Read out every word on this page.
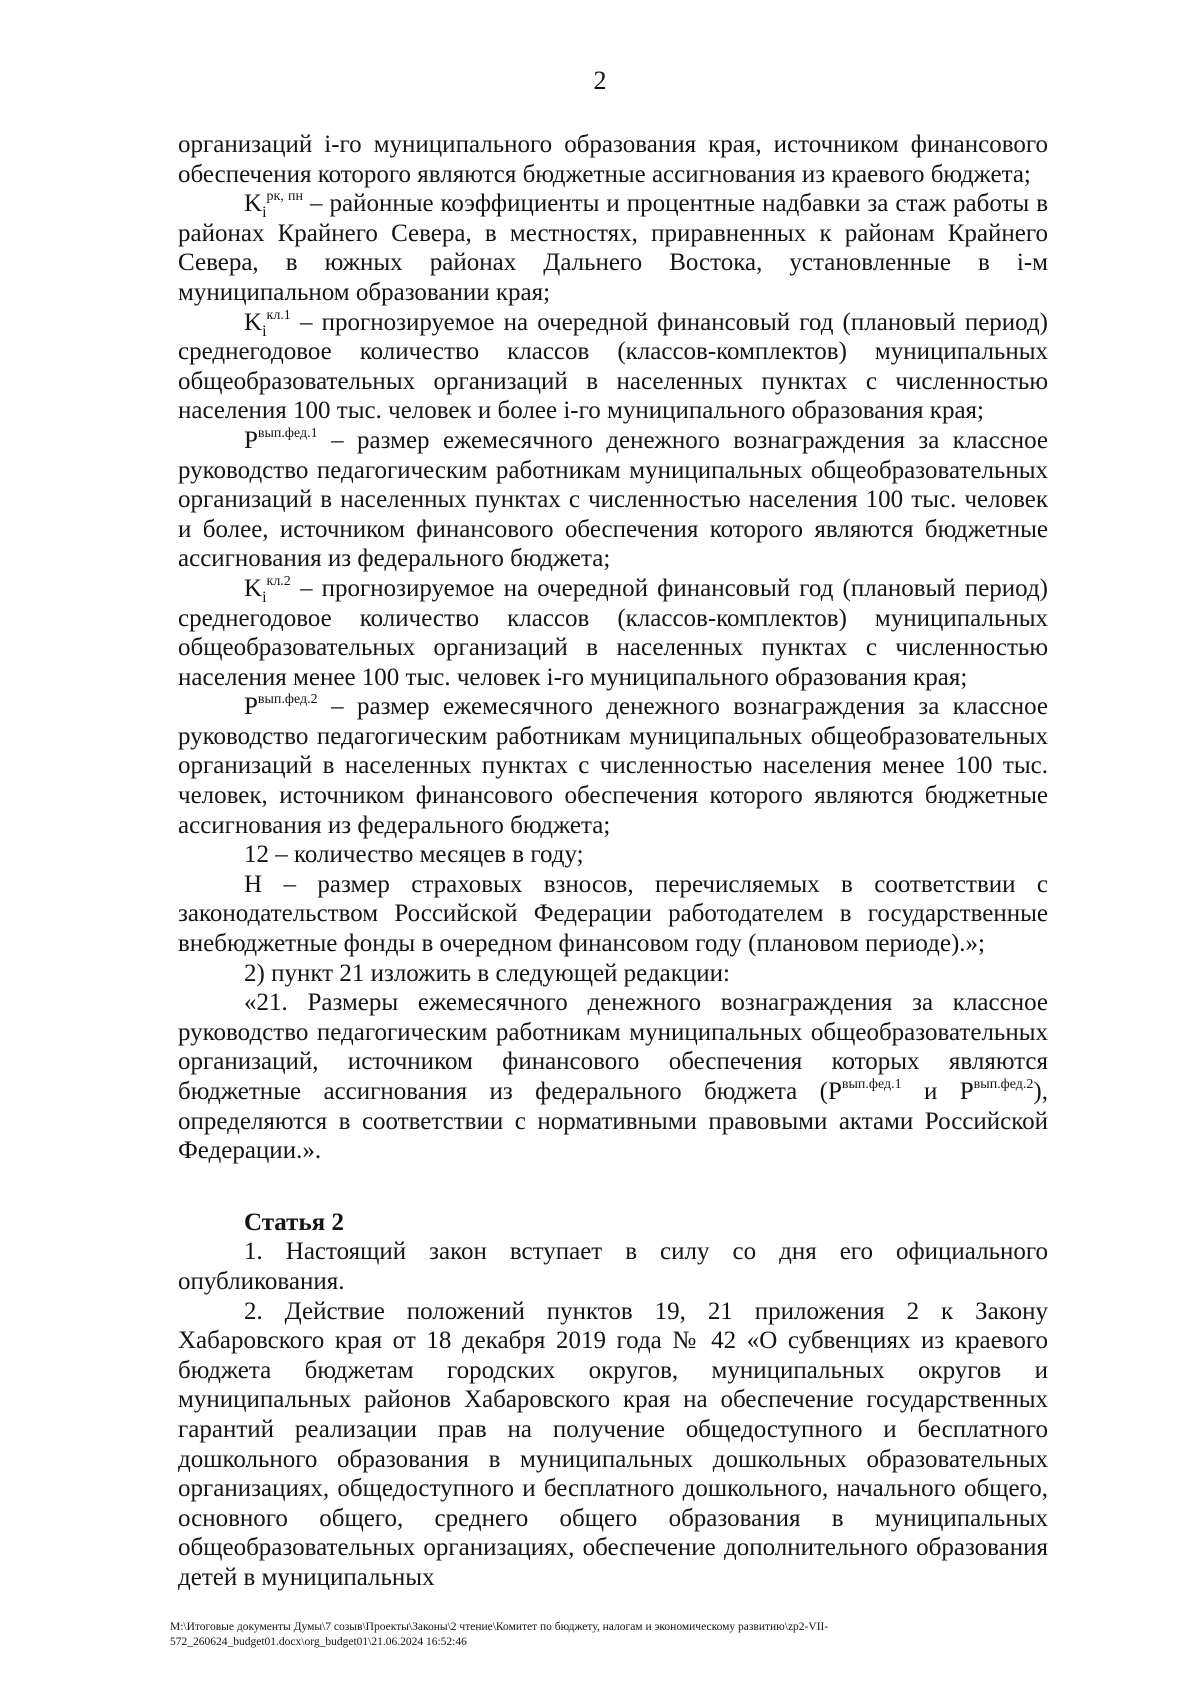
2

организаций i-го муниципального образования края, источником финансового обеспечения которого являются бюджетные ассигнования из краевого бюджета;

$K_i^{рк, пн}$ – районные коэффициенты и процентные надбавки за стаж работы в районах Крайнего Севера, в местностях, приравненных к районам Крайнего Севера, в южных районах Дальнего Востока, установленные в i-м муниципальном образовании края;

$K_i^{кл.1}$ – прогнозируемое на очередной финансовый год (плановый период) среднегодовое количество классов (классов-комплектов) муниципальных общеобразовательных организаций в населенных пунктах с численностью населения 100 тыс. человек и более i-го муниципального образования края;

$P^{вып.фед.1}$ – размер ежемесячного денежного вознаграждения за классное руководство педагогическим работникам муниципальных общеобразовательных организаций в населенных пунктах с численностью населения 100 тыс. человек и более, источником финансового обеспечения которого являются бюджетные ассигнования из федерального бюджета;

$K_i^{кл.2}$ – прогнозируемое на очередной финансовый год (плановый период) среднегодовое количество классов (классов-комплектов) муниципальных общеобразовательных организаций в населенных пунктах с численностью населения менее 100 тыс. человек i-го муниципального образования края;

$P^{вып.фед.2}$ – размер ежемесячного денежного вознаграждения за классное руководство педагогическим работникам муниципальных общеобразовательных организаций в населенных пунктах с численностью населения менее 100 тыс. человек, источником финансового обеспечения которого являются бюджетные ассигнования из федерального бюджета;

12 – количество месяцев в году;

Н – размер страховых взносов, перечисляемых в соответствии с законодательством Российской Федерации работодателем в государственные внебюджетные фонды в очередном финансовом году (плановом периоде).»;

2) пункт 21 изложить в следующей редакции:

«21. Размеры ежемесячного денежного вознаграждения за классное руководство педагогическим работникам муниципальных общеобразовательных организаций, источником финансового обеспечения которых являются бюджетные ассигнования из федерального бюджета ($Р^{вып.фед.1}$ и $Р^{вып.фед.2}$), определяются в соответствии с нормативными правовыми актами Российской Федерации.».

Статья 2

1. Настоящий закон вступает в силу со дня его официального опубликования.

2. Действие положений пунктов 19, 21 приложения 2 к Закону Хабаровского края от 18 декабря 2019 года № 42 «О субвенциях из краевого бюджета бюджетам городских округов, муниципальных округов и муниципальных районов Хабаровского края на обеспечение государственных гарантий реализации прав на получение общедоступного и бесплатного дошкольного образования в муниципальных дошкольных образовательных организациях, общедоступного и бесплатного дошкольного, начального общего, основного общего, среднего общего образования в муниципальных общеобразовательных организациях, обеспечение дополнительного образования детей в муниципальных

М:\Итоговые документы Думы\7 созыв\Проекты\Законы\2 чтение\Комитет по бюджету, налогам и экономическому развитию\zp2-VII-
572_260624_budget01.docx\org_budget01\21.06.2024 16:52:46
